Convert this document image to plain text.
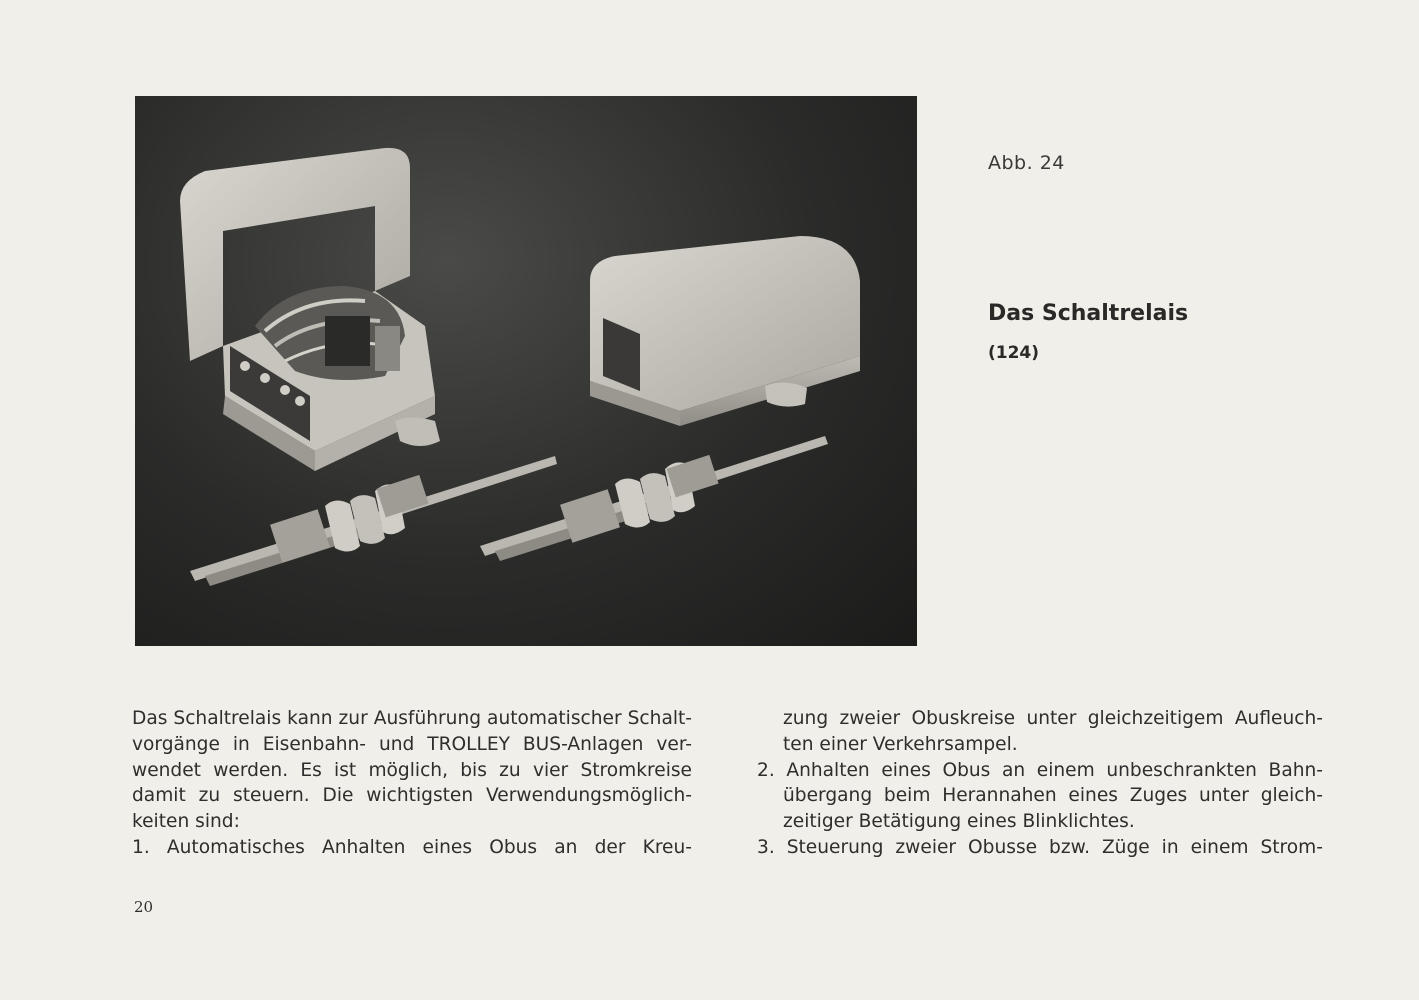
Abb. 24
Das Schaltrelais
(124)
Das Schaltrelais kann zur Ausführung automatischer Schalt-
vorgänge in Eisenbahn- und TROLLEY BUS-Anlagen ver-
wendet werden. Es ist möglich, bis zu vier Stromkreise
damit zu steuern. Die wichtigsten Verwendungsmöglich-
keiten sind:
1. Automatisches Anhalten eines Obus an der Kreu-
zung zweier Obuskreise unter gleichzeitigem Aufleuch-
ten einer Verkehrsampel.
2. Anhalten eines Obus an einem unbeschrankten Bahn-
übergang beim Herannahen eines Zuges unter gleich-
zeitiger Betätigung eines Blinklichtes.
3. Steuerung zweier Obusse bzw. Züge in einem Strom-
20
